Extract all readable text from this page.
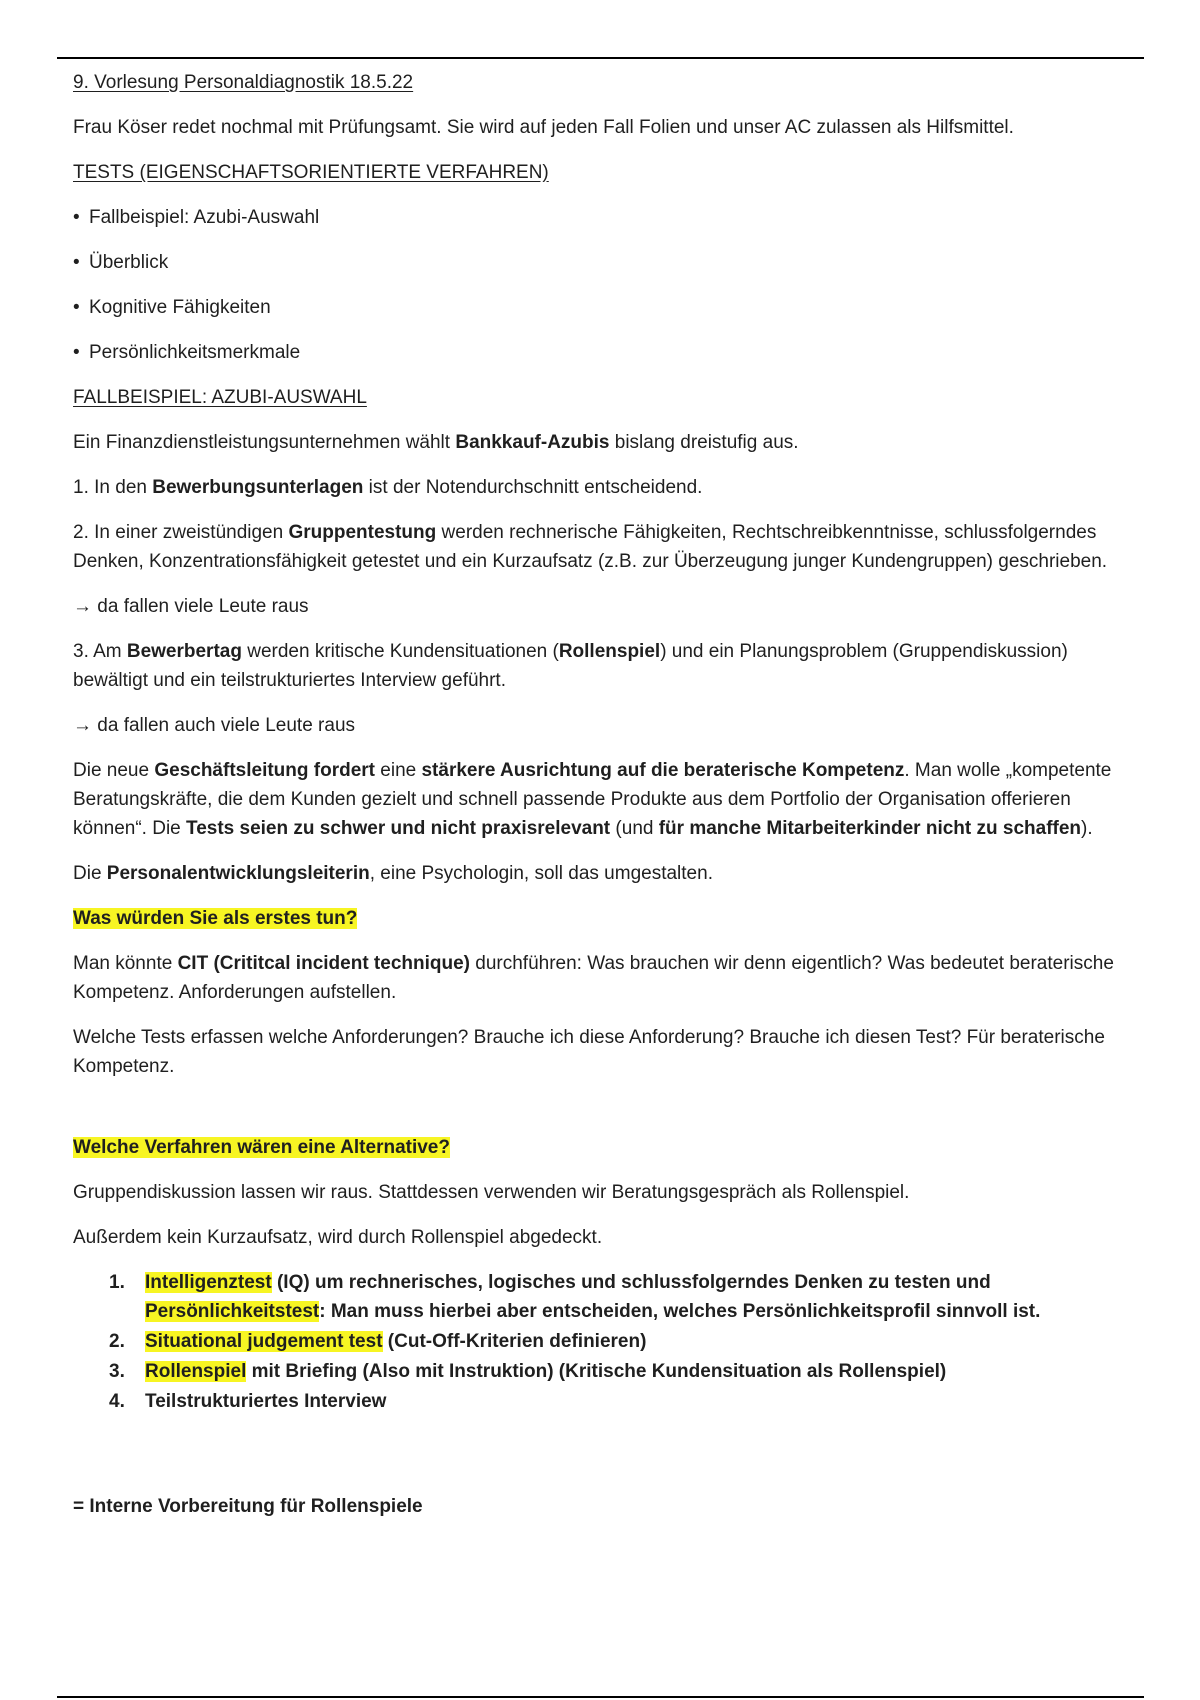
9. Vorlesung Personaldiagnostik 18.5.22

Frau Köser redet nochmal mit Prüfungsamt. Sie wird auf jeden Fall Folien und unser AC zulassen als Hilfsmittel.

TESTS (EIGENSCHAFTSORIENTIERTE VERFAHREN)

• Fallbeispiel: Azubi-Auswahl
• Überblick
• Kognitive Fähigkeiten
• Persönlichkeitsmerkmale

FALLBEISPIEL: AZUBI-AUSWAHL

Ein Finanzdienstleistungsunternehmen wählt Bankkauf-Azubis bislang dreistufig aus.

1. In den Bewerbungsunterlagen ist der Notendurchschnitt entscheidend.

2. In einer zweistündigen Gruppentestung werden rechnerische Fähigkeiten, Rechtschreibkenntnisse, schlussfolgerndes Denken, Konzentrationsfähigkeit getestet und ein Kurzaufsatz (z.B. zur Überzeugung junger Kundengruppen) geschrieben.

→ da fallen viele Leute raus

3. Am Bewerbertag werden kritische Kundensituationen (Rollenspiel) und ein Planungsproblem (Gruppendiskussion) bewältigt und ein teilstrukturiertes Interview geführt.

→ da fallen auch viele Leute raus

Die neue Geschäftsleitung fordert eine stärkere Ausrichtung auf die beraterische Kompetenz. Man wolle „kompetente Beratungskräfte, die dem Kunden gezielt und schnell passende Produkte aus dem Portfolio der Organisation offerieren können“. Die Tests seien zu schwer und nicht praxisrelevant (und für manche Mitarbeiterkinder nicht zu schaffen).

Die Personalentwicklungsleiterin, eine Psychologin, soll das umgestalten.

Was würden Sie als erstes tun?

Man könnte CIT (Crititcal incident technique) durchführen: Was brauchen wir denn eigentlich? Was bedeutet beraterische Kompetenz. Anforderungen aufstellen.

Welche Tests erfassen welche Anforderungen? Brauche ich diese Anforderung? Brauche ich diesen Test? Für beraterische Kompetenz.

Welche Verfahren wären eine Alternative?

Gruppendiskussion lassen wir raus. Stattdessen verwenden wir Beratungsgespräch als Rollenspiel.

Außerdem kein Kurzaufsatz, wird durch Rollenspiel abgedeckt.

1. Intelligenztest (IQ) um rechnerisches, logisches und schlussfolgerndes Denken zu testen und Persönlichkeitstest: Man muss hierbei aber entscheiden, welches Persönlichkeitsprofil sinnvoll ist.
2. Situational judgement test (Cut-Off-Kriterien definieren)
3. Rollenspiel mit Briefing (Also mit Instruktion) (Kritische Kundensituation als Rollenspiel)
4. Teilstrukturiertes Interview

= Interne Vorbereitung für Rollenspiele
